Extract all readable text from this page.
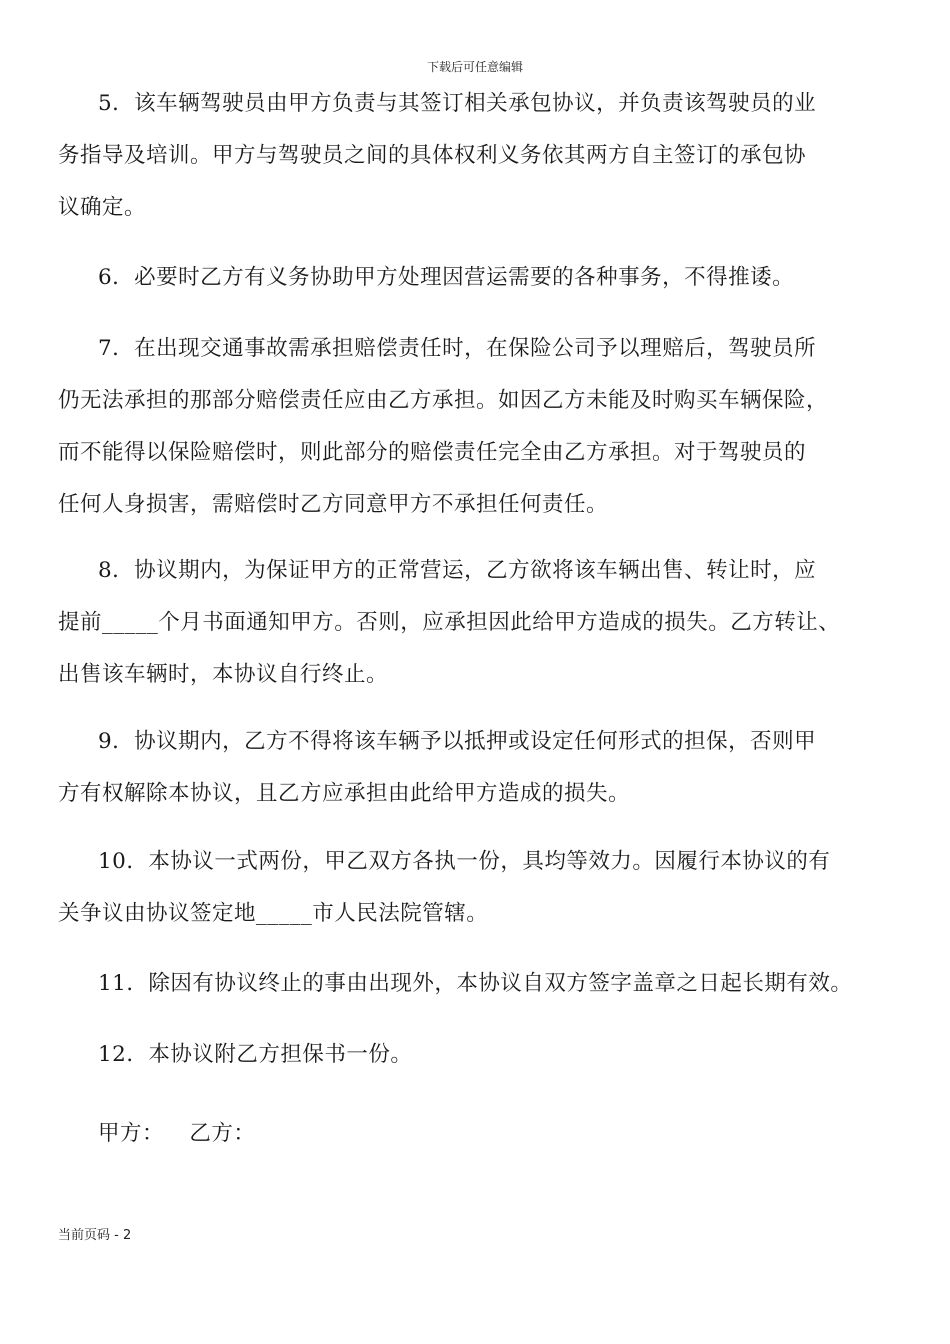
下载后可任意编辑
5．该车辆驾驶员由甲方负责与其签订相关承包协议，并负责该驾驶员的业
务指导及培训。甲方与驾驶员之间的具体权利义务依其两方自主签订的承包协
议确定。
6．必要时乙方有义务协助甲方处理因营运需要的各种事务，不得推诿。
7．在出现交通事故需承担赔偿责任时，在保险公司予以理赔后，驾驶员所
仍无法承担的那部分赔偿责任应由乙方承担。如因乙方未能及时购买车辆保险，
而不能得以保险赔偿时，则此部分的赔偿责任完全由乙方承担。对于驾驶员的
任何人身损害，需赔偿时乙方同意甲方不承担任何责任。
8．协议期内，为保证甲方的正常营运，乙方欲将该车辆出售、转让时，应
提前_____个月书面通知甲方。否则，应承担因此给甲方造成的损失。乙方转让、
出售该车辆时，本协议自行终止。
9．协议期内，乙方不得将该车辆予以抵押或设定任何形式的担保，否则甲
方有权解除本协议，且乙方应承担由此给甲方造成的损失。
10．本协议一式两份，甲乙双方各执一份，具均等效力。因履行本协议的有
关争议由协议签定地_____市人民法院管辖。
11．除因有协议终止的事由出现外，本协议自双方签字盖章之日起长期有效。
12．本协议附乙方担保书一份。
甲方： 乙方：
当前页码 - 2
